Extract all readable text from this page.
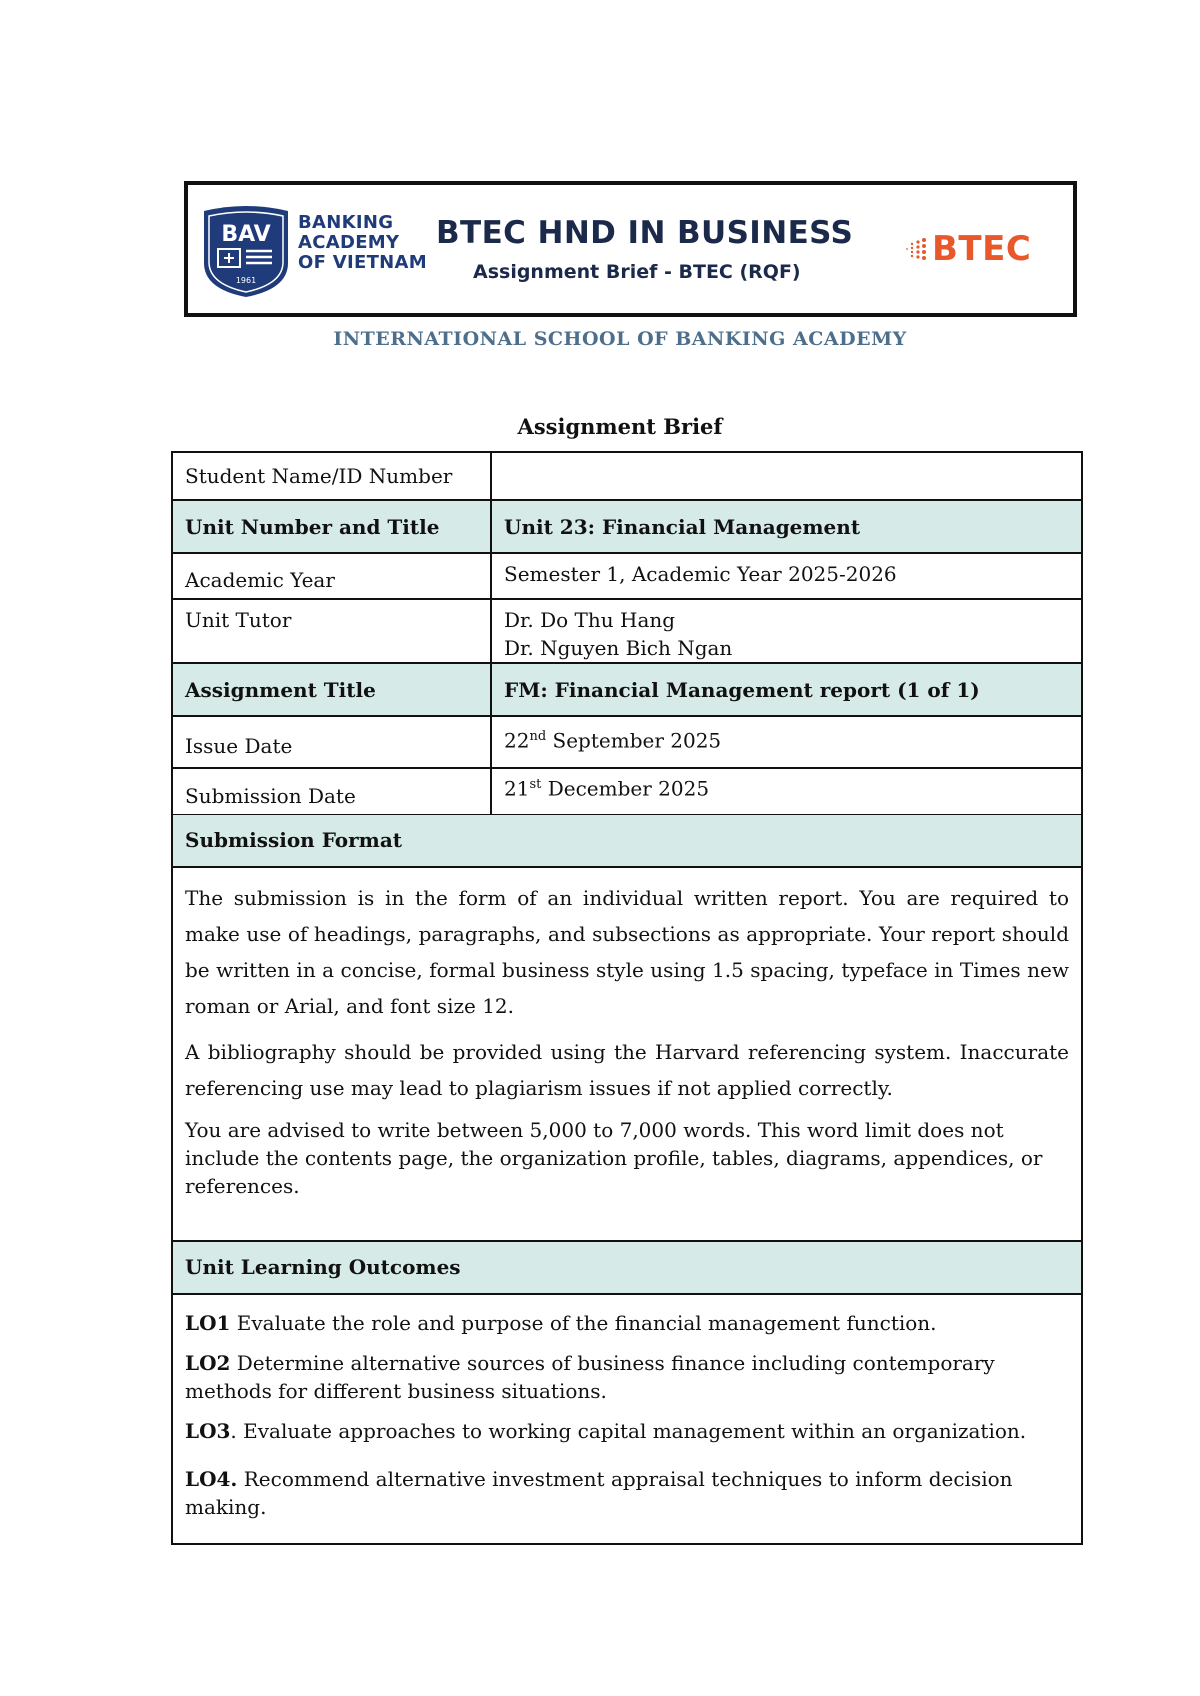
BAV
1961
BANKING
ACADEMY
OF VIETNAM
BTEC HND IN BUSINESS
Assignment Brief - BTEC (RQF)
BTEC
INTERNATIONAL SCHOOL OF BANKING ACADEMY
Assignment Brief
Student Name/ID Number	
Unit Number and Title	Unit 23: Financial Management
Academic Year	Semester 1, Academic Year 2025-2026
Unit Tutor	Dr. Do Thu Hang
Dr. Nguyen Bich Ngan

Assignment Title	FM: Financial Management report (1 of 1)
Issue Date	22nd September 2025
Submission Date	21st December 2025
Submission Format

The submission is in the form of an individual written report. You are required to make use of headings, paragraphs, and subsections as appropriate. Your report should be written in a concise, formal business style using 1.5 spacing, typeface in Times new roman or Arial, and font size 12.

A bibliography should be provided using the Harvard referencing system. Inaccurate referencing use may lead to plagiarism issues if not applied correctly.

You are advised to write between 5,000 to 7,000 words. This word limit does not include the contents page, the organization profile, tables, diagrams, appendices, or references.

Unit Learning Outcomes

LO1 Evaluate the role and purpose of the financial management function.

LO2 Determine alternative sources of business finance including contemporary methods for different business situations.

LO3. Evaluate approaches to working capital management within an organization.

LO4. Recommend alternative investment appraisal techniques to inform decision making.
